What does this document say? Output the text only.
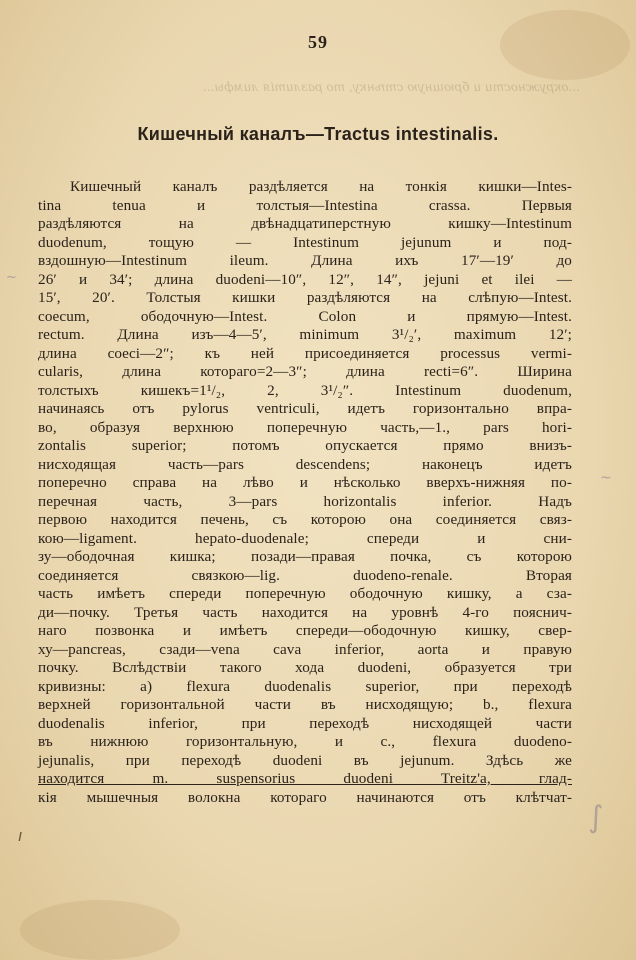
59
...окружности и брюшную стѣнку, то разлитія лимфы...
Кишечный каналъ—Tractus intestinalis.
Кишечный каналъ раздѣляется на тонкія кишки—Intes-
tina tenua и толстыя—Intestina crassa. Первыя
раздѣляются на двѣнадцатиперстную кишку—Intestinum
duodenum, тощую — Intestinum jejunum и под-
вздошную—Intestinum ileum. Длина ихъ 17′—19′ до
26′ и 34′; длина duodeni—10″, 12″, 14″, jejuni et ilei —
15′, 20′. Толстыя кишки раздѣляются на слѣпую—Intest.
coecum, ободочную—Intest. Colon и прямую—Intest.
rectum. Длина изъ—4—5′, minimum 3¹/₂′, maximum 12′;
длина coeci—2″; къ ней присоединяется processus vermi-
cularis, длина котораго=2—3″; длина recti=6″. Ширина
толстыхъ кишекъ=1¹/₂, 2, 3¹/₂″. Intestinum duodenum,
начинаясь отъ pylorus ventriculi, идетъ горизонтально впра-
во, образуя верхнюю поперечную часть,—1., pars hori-
zontalis superior; потомъ опускается прямо внизъ-
нисходящая часть—pars descendens; наконецъ идетъ
поперечно справа на лѣво и нѣсколько вверхъ-нижняя по-
перечная часть, 3—pars horizontalis inferior. Надъ
первою находится печень, съ которою она соединяется связ-
кою—ligament. hepato-duodenale; спереди и сни-
зу—ободочная кишка; позади—правая почка, съ которою
соединяется связкою—lig. duodeno-renale. Вторая
часть имѣетъ спереди поперечную ободочную кишку, а сза-
ди—почку. Третья часть находится на уровнѣ 4-го пояснич-
наго позвонка и имѣетъ спереди—ободочную кишку, свер-
ху—pancreas, сзади—vena cava inferior, aorta и правую
почку. Вслѣдствіи такого хода duodeni, образуется три
кривизны: а) flexura duodenalis superior, при переходѣ
верхней горизонтальной части въ нисходящую; b., flexura
duodenalis inferior, при переходѣ нисходящей части
въ нижнюю горизонтальную, и c., flexura duodeno-
jejunalis, при переходѣ duodeni въ jejunum. Здѣсь же
находится m. suspensorius duodeni Treitz'a, глад-
кія мышечныя волокна котораго начинаются отъ клѣтчат-
~
~
∫
ı
